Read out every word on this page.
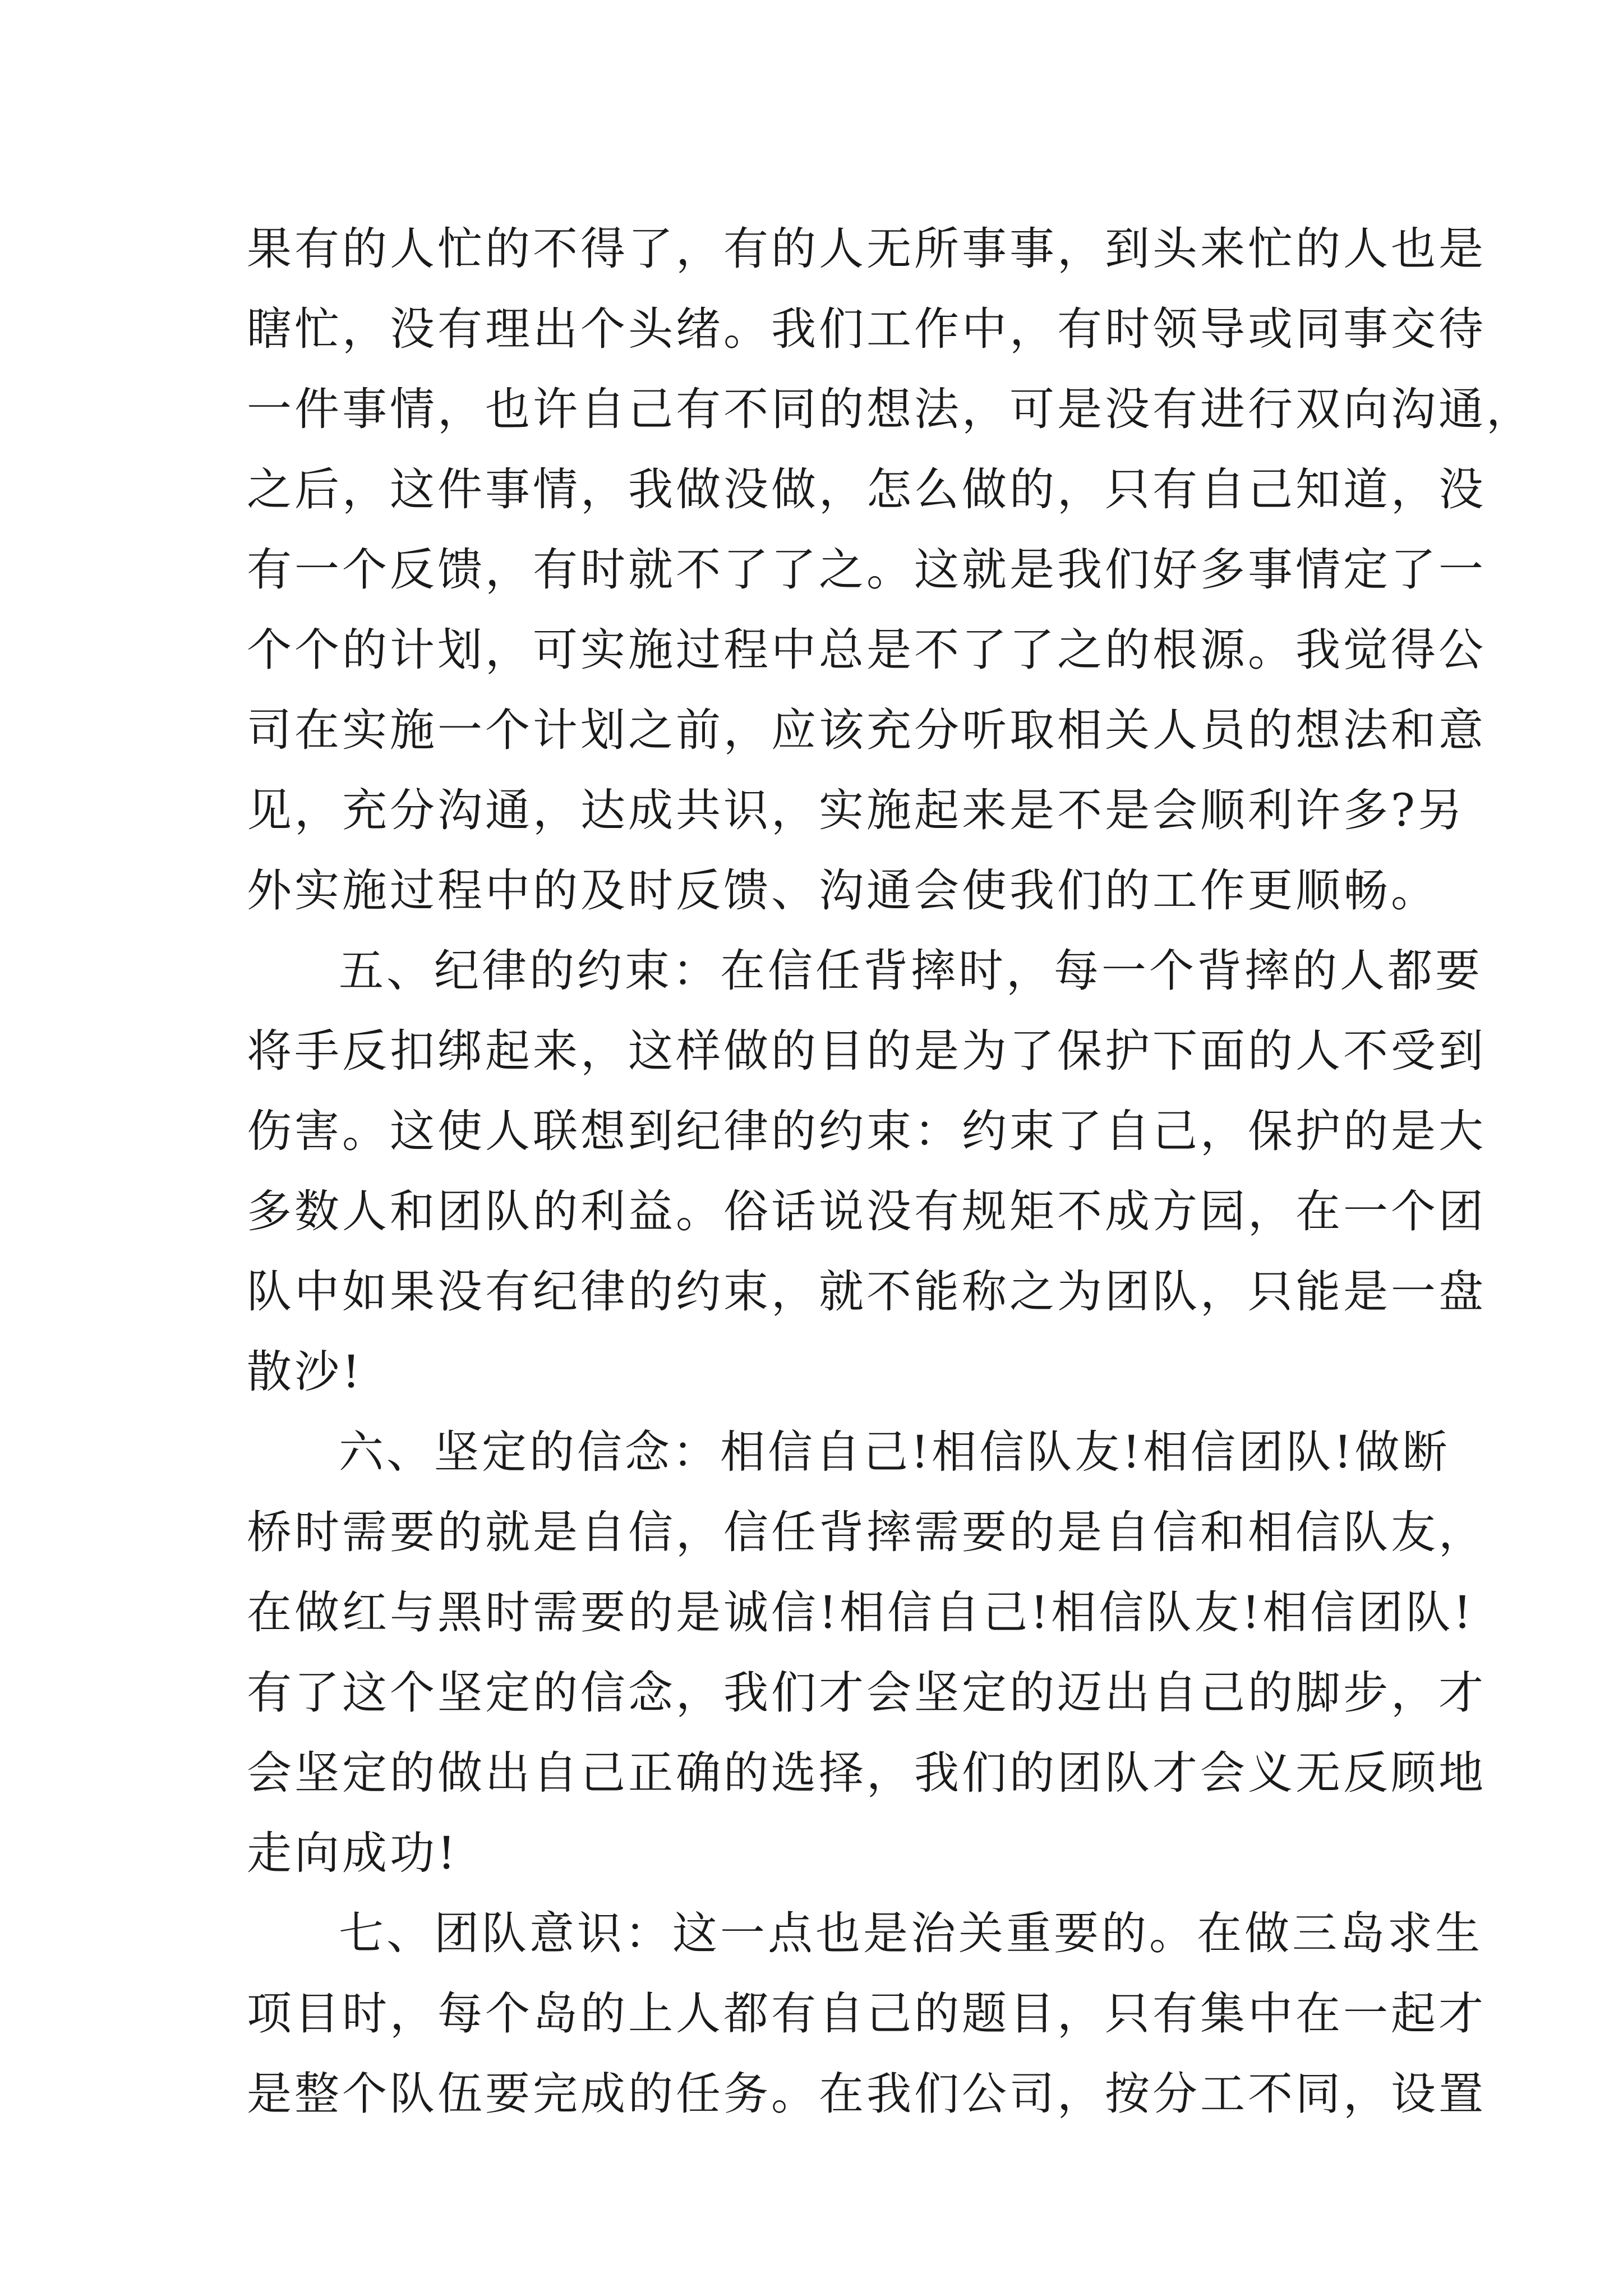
果有的人忙的不得了，有的人无所事事，到头来忙的人也是
瞎忙，没有理出个头绪。我们工作中，有时领导或同事交待
一件事情，也许自己有不同的想法，可是没有进行双向沟通，
之后，这件事情，我做没做，怎么做的，只有自己知道，没
有一个反馈，有时就不了了之。这就是我们好多事情定了一
个个的计划，可实施过程中总是不了了之的根源。我觉得公
司在实施一个计划之前，应该充分听取相关人员的想法和意
见，充分沟通，达成共识，实施起来是不是会顺利许多?另
外实施过程中的及时反馈、沟通会使我们的工作更顺畅。
五、纪律的约束：在信任背摔时，每一个背摔的人都要
将手反扣绑起来，这样做的目的是为了保护下面的人不受到
伤害。这使人联想到纪律的约束：约束了自己，保护的是大
多数人和团队的利益。俗话说没有规矩不成方园，在一个团
队中如果没有纪律的约束，就不能称之为团队，只能是一盘
散沙!
六、坚定的信念：相信自己!相信队友!相信团队!做断
桥时需要的就是自信，信任背摔需要的是自信和相信队友，
在做红与黑时需要的是诚信!相信自己!相信队友!相信团队!
有了这个坚定的信念，我们才会坚定的迈出自己的脚步，才
会坚定的做出自己正确的选择，我们的团队才会义无反顾地
走向成功!
七、团队意识：这一点也是治关重要的。在做三岛求生
项目时，每个岛的上人都有自己的题目，只有集中在一起才
是整个队伍要完成的任务。在我们公司，按分工不同，设置
